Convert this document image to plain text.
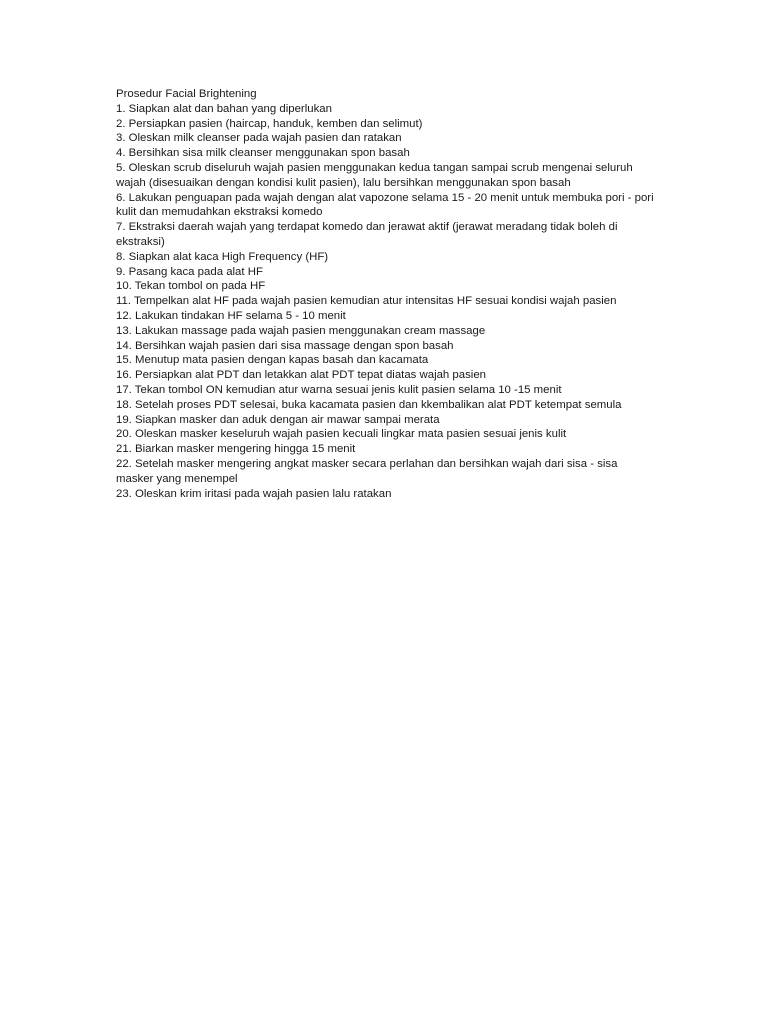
Prosedur Facial Brightening
1. Siapkan alat dan bahan yang diperlukan
2. Persiapkan pasien (haircap, handuk, kemben dan selimut)
3. Oleskan milk cleanser pada wajah pasien dan ratakan
4. Bersihkan sisa milk cleanser menggunakan spon basah
5. Oleskan scrub diseluruh wajah pasien menggunakan kedua tangan sampai scrub mengenai seluruh wajah (disesuaikan dengan kondisi kulit pasien), lalu bersihkan menggunakan spon basah
6. Lakukan penguapan pada wajah dengan alat vapozone selama 15 - 20 menit untuk membuka pori - pori kulit dan memudahkan ekstraksi komedo
7. Ekstraksi daerah wajah yang terdapat komedo dan jerawat aktif (jerawat meradang tidak boleh di ekstraksi)
8. Siapkan alat kaca High Frequency (HF)
9. Pasang kaca pada alat HF
10. Tekan tombol on pada HF
11. Tempelkan alat HF pada wajah pasien kemudian atur intensitas HF sesuai kondisi wajah pasien
12. Lakukan tindakan HF selama 5 - 10 menit
13. Lakukan massage pada wajah pasien menggunakan cream massage
14. Bersihkan wajah pasien dari sisa massage dengan spon basah
15. Menutup mata pasien dengan kapas basah dan kacamata
16. Persiapkan alat PDT dan letakkan alat PDT tepat diatas wajah pasien
17. Tekan tombol ON kemudian atur warna sesuai jenis kulit pasien selama 10 -15 menit
18. Setelah proses PDT selesai, buka kacamata pasien dan kkembalikan alat PDT ketempat semula
19. Siapkan masker dan aduk dengan air mawar sampai merata
20. Oleskan masker keseluruh wajah pasien kecuali lingkar mata pasien sesuai jenis kulit
21. Biarkan masker mengering hingga 15 menit
22. Setelah masker mengering angkat masker secara perlahan dan bersihkan wajah dari sisa - sisa masker yang menempel
23. Oleskan krim iritasi pada wajah pasien lalu ratakan
